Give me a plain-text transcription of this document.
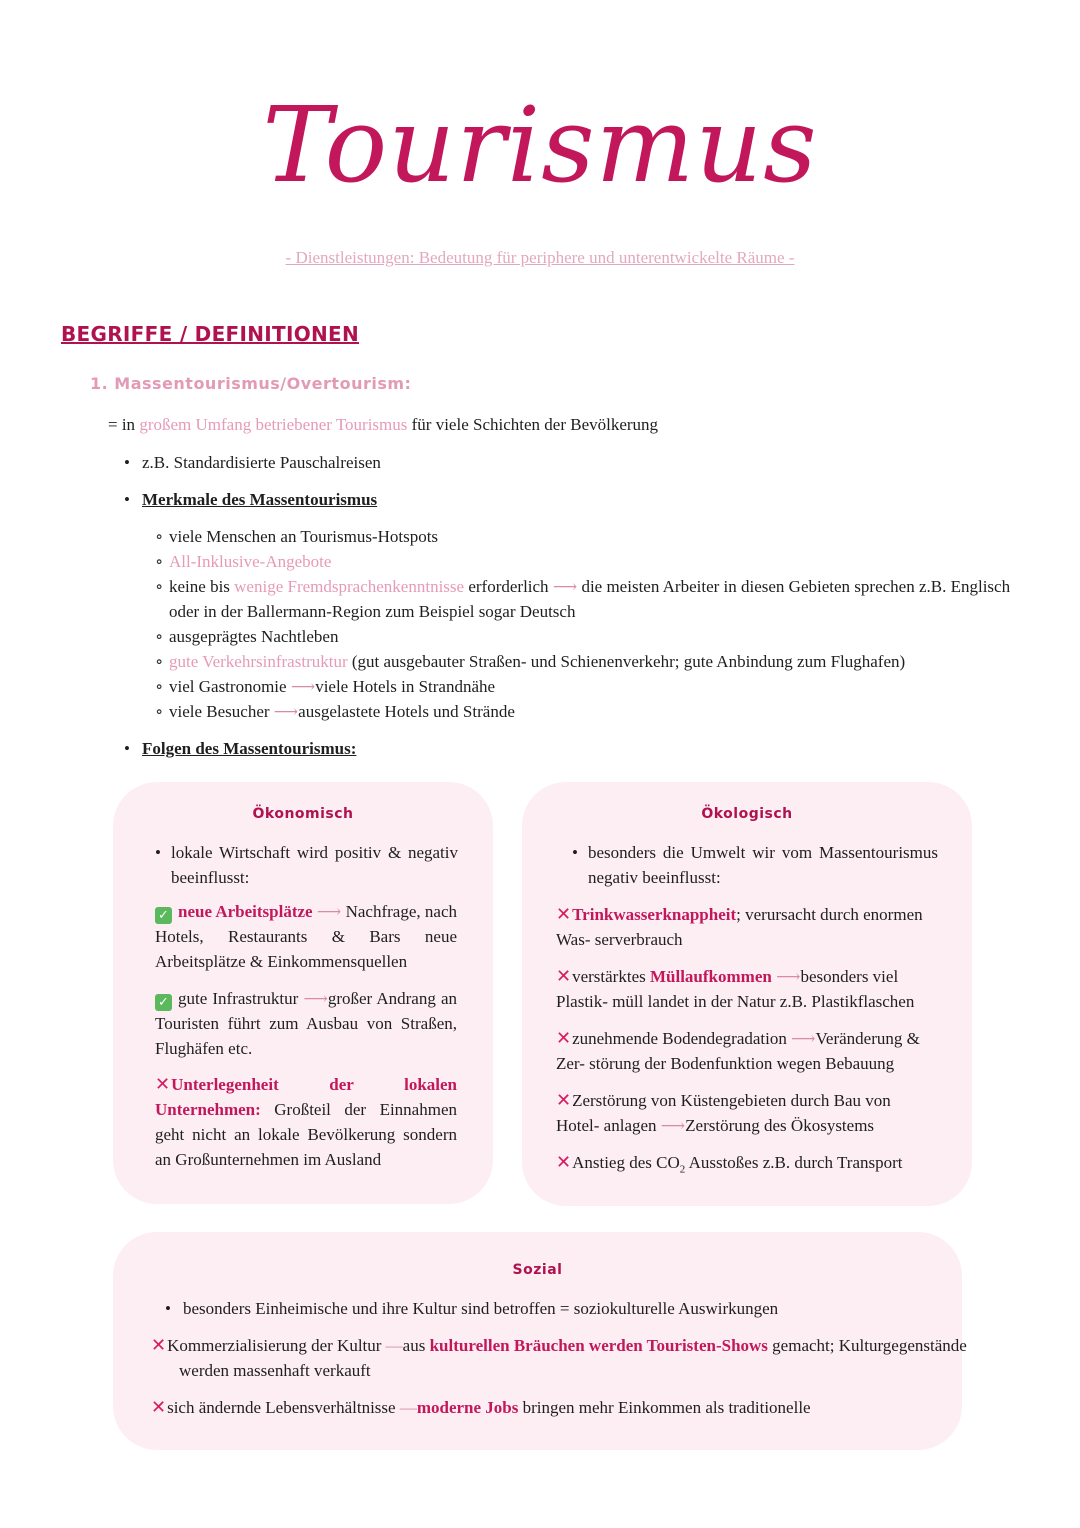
Tourismus
- Dienstleistungen: Bedeutung für periphere und unterentwickelte Räume -
BEGRIFFE / DEFINITIONEN
1. Massentourismus/Overtourism:
= in großem Umfang betriebener Tourismus für viele Schichten der Bevölkerung
• z.B. Standardisierte Pauschalreisen
• Merkmale des Massentourismus
∘ viele Menschen an Tourismus-Hotspots
∘ All-Inklusive-Angebote
∘ keine bis wenige Fremdsprachenkenntnisse erforderlich ⟶ die meisten Arbeiter in diesen Gebieten sprechen z.B. Englisch
oder in der Ballermann-Region zum Beispiel sogar Deutsch
∘ ausgeprägtes Nachtleben
∘ gute Verkehrsinfrastruktur (gut ausgebauter Straßen- und Schienenverkehr; gute Anbindung zum Flughafen)
∘ viel Gastronomie ⟶viele Hotels in Strandnähe
∘ viele Besucher ⟶ausgelastete Hotels und Strände
• Folgen des Massentourismus:
Ökonomisch
• lokale Wirtschaft wird positiv & negativ beeinflusst:
✓ neue Arbeitsplätze ⟶ Nachfrage, nach Hotels, Restaurants & Bars neue Arbeitsplätze & Einkommensquellen
✓ gute Infrastruktur ⟶großer Andrang an Touristen führt zum Ausbau von Straßen, Flughäfen etc.
✕Unterlegenheit der lokalen Unternehmen: Großteil der Einnahmen geht nicht an lokale Bevölkerung sondern an Großunternehmen im Ausland
Ökologisch
• besonders die Umwelt wir vom Massentourismus negativ beeinflusst:
✕Trinkwasserknappheit; verursacht durch enormen Was- serverbrauch
✕verstärktes Müllaufkommen ⟶besonders viel Plastik- müll landet in der Natur z.B. Plastikflaschen
✕zunehmende Bodendegradation ⟶Veränderung & Zer- störung der Bodenfunktion wegen Bebauung
✕Zerstörung von Küstengebieten durch Bau von Hotel- anlagen ⟶Zerstörung des Ökosystems
✕Anstieg des $CO_2$ Ausstoßes z.B. durch Transport
Sozial
• besonders Einheimische und ihre Kultur sind betroffen = soziokulturelle Auswirkungen
✕Kommerzialisierung der Kultur —aus kulturellen Bräuchen werden Touristen-Shows gemacht; Kulturgegenstände
werden massenhaft verkauft
✕sich ändernde Lebensverhältnisse —moderne Jobs bringen mehr Einkommen als traditionelle
